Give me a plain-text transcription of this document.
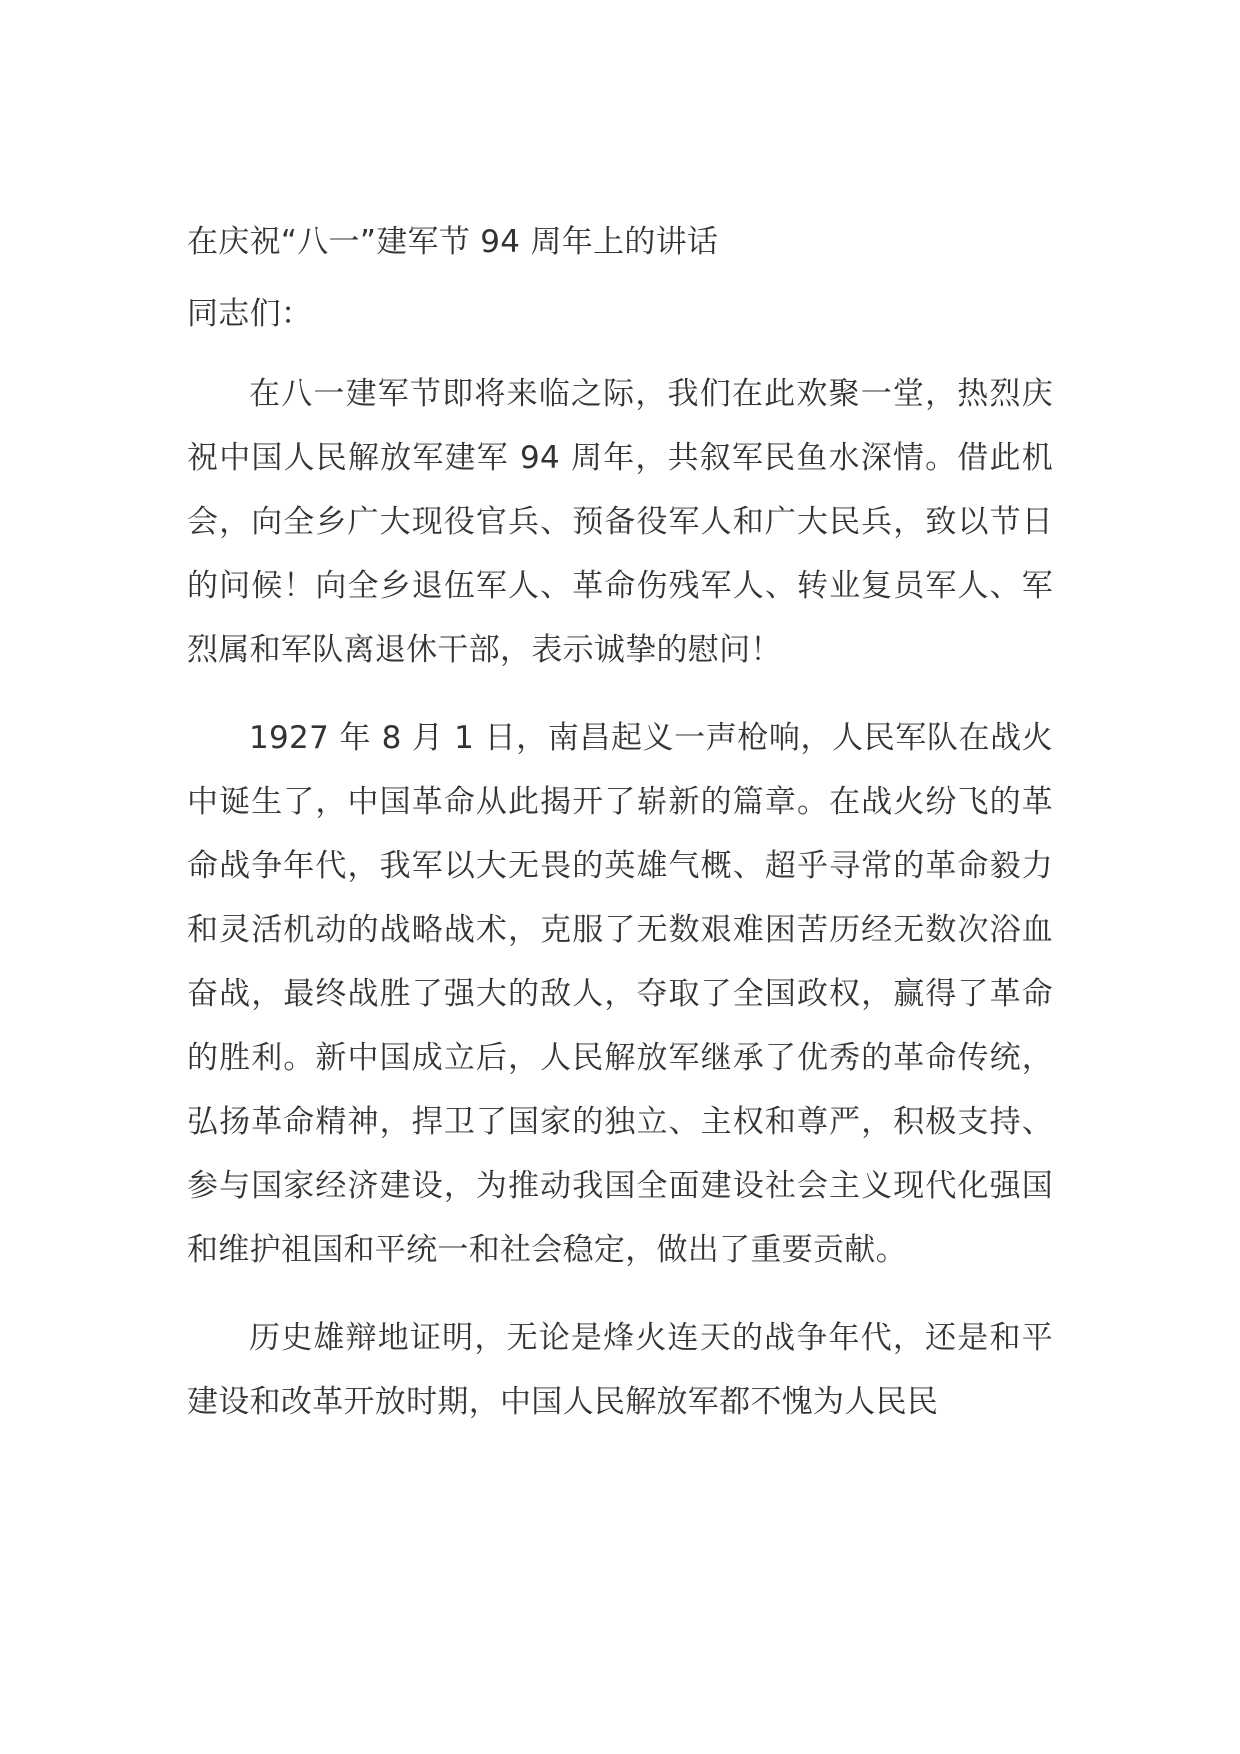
在庆祝“八一”建军节 94 周年上的讲话

同志们：

在八一建军节即将来临之际，我们在此欢聚一堂，热烈庆祝中国人民解放军建军 94 周年，共叙军民鱼水深情。借此机会，向全乡广大现役官兵、预备役军人和广大民兵，致以节日的问候！向全乡退伍军人、革命伤残军人、转业复员军人、军烈属和军队离退休干部，表示诚挚的慰问！

1927 年 8 月 1 日，南昌起义一声枪响，人民军队在战火中诞生了，中国革命从此揭开了崭新的篇章。在战火纷飞的革命战争年代，我军以大无畏的英雄气概、超乎寻常的革命毅力和灵活机动的战略战术，克服了无数艰难困苦历经无数次浴血奋战，最终战胜了强大的敌人，夺取了全国政权，赢得了革命的胜利。新中国成立后，人民解放军继承了优秀的革命传统，弘扬革命精神，捍卫了国家的独立、主权和尊严，积极支持、参与国家经济建设，为推动我国全面建设社会主义现代化强国和维护祖国和平统一和社会稳定，做出了重要贡献。

历史雄辩地证明，无论是烽火连天的战争年代，还是和平建设和改革开放时期，中国人民解放军都不愧为人民民
